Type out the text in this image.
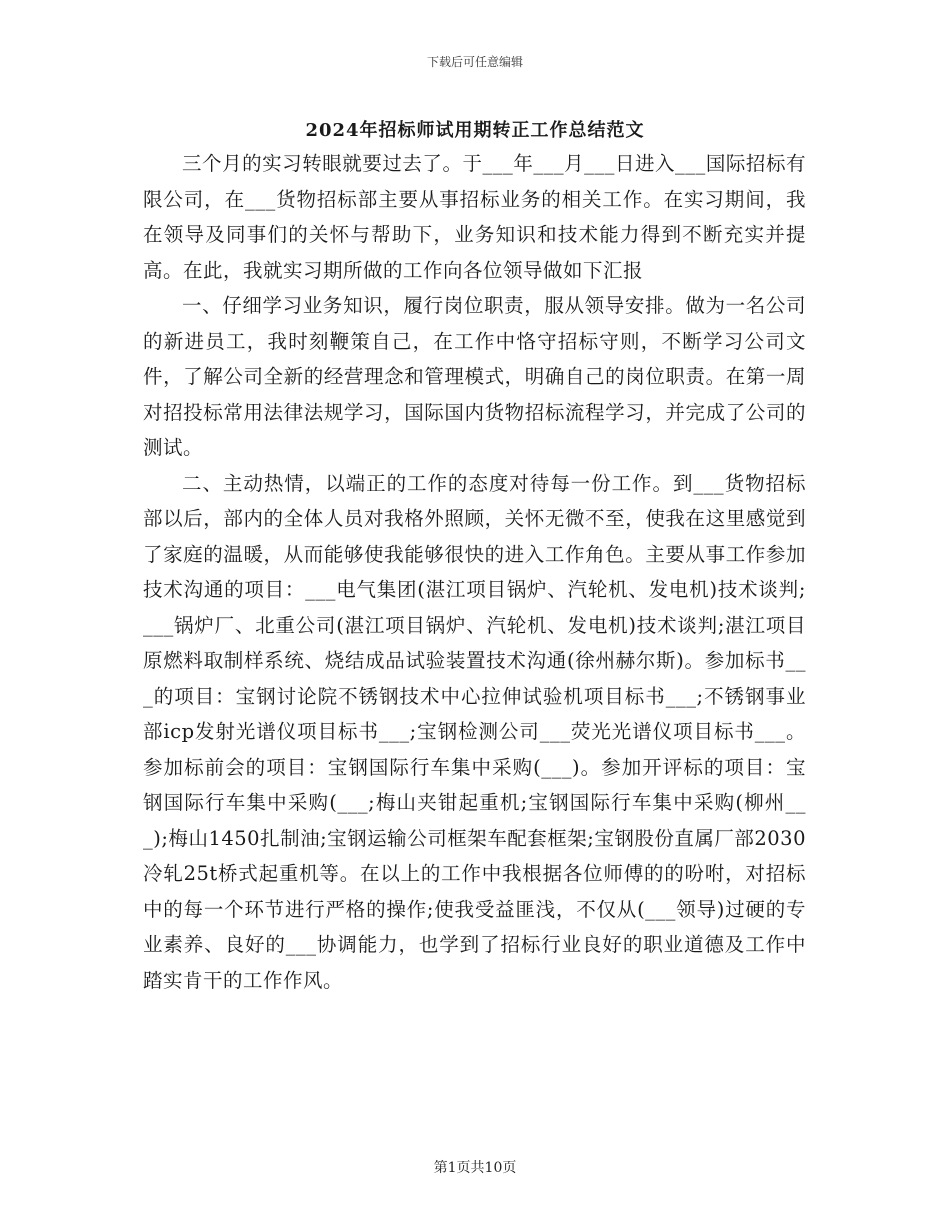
下载后可任意编辑
2024年招标师试用期转正工作总结范文

三个月的实习转眼就要过去了。于___年___月___日进入___国际招标有限公司，在___货物招标部主要从事招标业务的相关工作。在实习期间，我在领导及同事们的关怀与帮助下，业务知识和技术能力得到不断充实并提高。在此，我就实习期所做的工作向各位领导做如下汇报

一、仔细学习业务知识，履行岗位职责，服从领导安排。做为一名公司的新进员工，我时刻鞭策自己，在工作中恪守招标守则，不断学习公司文件，了解公司全新的经营理念和管理模式，明确自己的岗位职责。在第一周对招投标常用法律法规学习，国际国内货物招标流程学习，并完成了公司的测试。

二、主动热情，以端正的工作的态度对待每一份工作。到___货物招标部以后，部内的全体人员对我格外照顾，关怀无微不至，使我在这里感觉到了家庭的温暖，从而能够使我能够很快的进入工作角色。主要从事工作参加技术沟通的项目：___电气集团(湛江项目锅炉、汽轮机、发电机)技术谈判;___锅炉厂、北重公司(湛江项目锅炉、汽轮机、发电机)技术谈判;湛江项目原燃料取制样系统、烧结成品试验装置技术沟通(徐州赫尔斯)。参加标书___的项目：宝钢讨论院不锈钢技术中心拉伸试验机项目标书___;不锈钢事业部icp发射光谱仪项目标书___;宝钢检测公司___荧光光谱仪项目标书___。参加标前会的项目：宝钢国际行车集中采购(___)。参加开评标的项目：宝钢国际行车集中采购(___;梅山夹钳起重机;宝钢国际行车集中采购(柳州___);梅山1450扎制油;宝钢运输公司框架车配套框架;宝钢股份直属厂部2030冷轧25t桥式起重机等。在以上的工作中我根据各位师傅的的吩咐，对招标中的每一个环节进行严格的操作;使我受益匪浅，不仅从(___领导)过硬的专业素养、良好的___协调能力，也学到了招标行业良好的职业道德及工作中踏实肯干的工作作风。

第1页共10页
